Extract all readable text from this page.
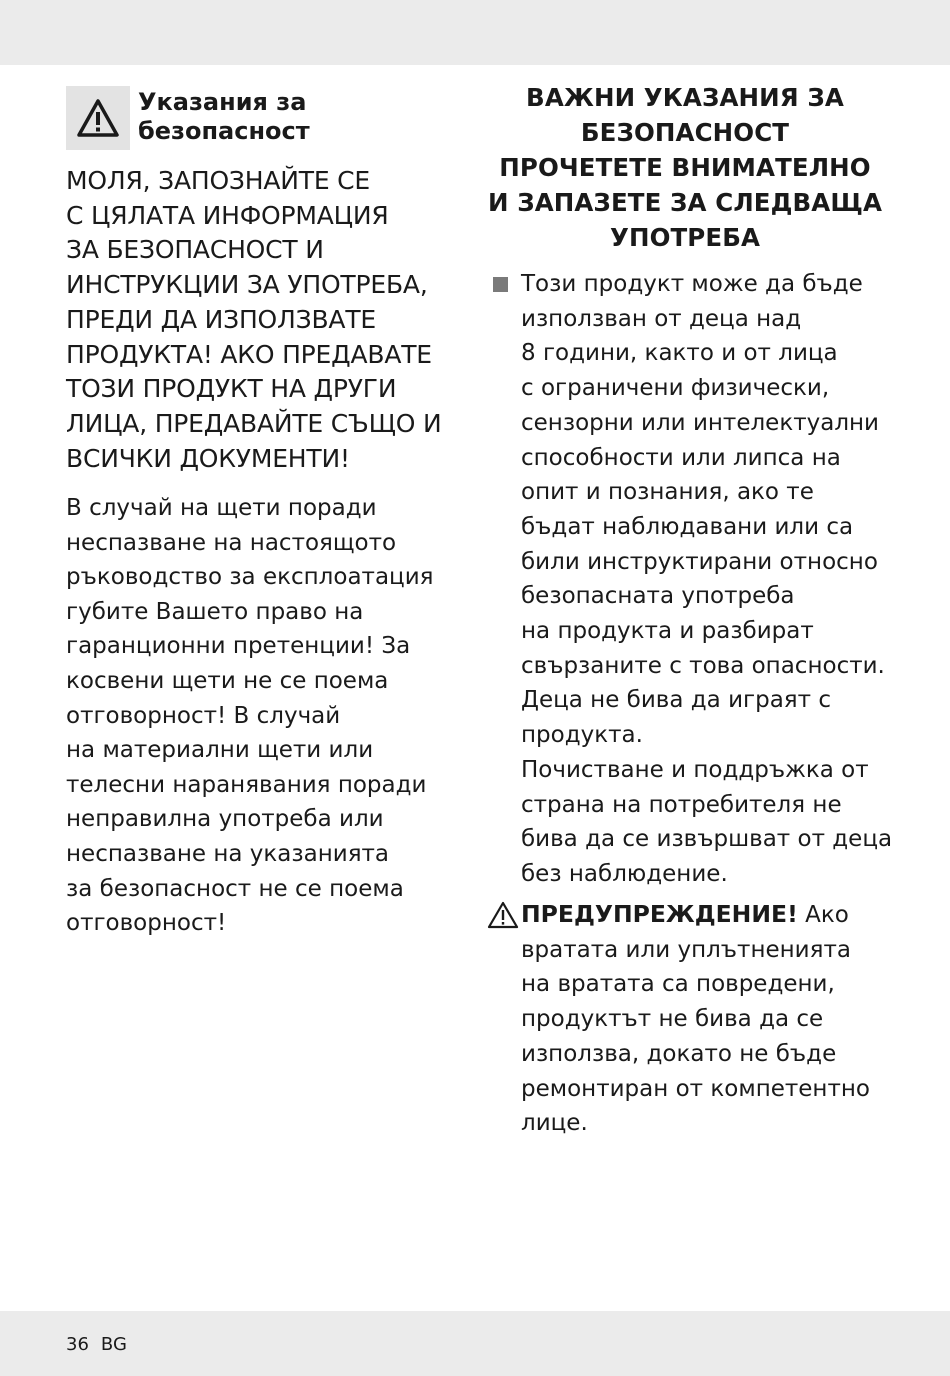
Указания за
безопасност

МОЛЯ, ЗАПОЗНАЙТЕ СЕ
С ЦЯЛАТА ИНФОРМАЦИЯ
ЗА БЕЗОПАСНОСТ И
ИНСТРУКЦИИ ЗА УПОТРЕБА,
ПРЕДИ ДА ИЗПОЛЗВАТЕ
ПРОДУКТА! АКО ПРЕДАВАТЕ
ТОЗИ ПРОДУКТ НА ДРУГИ
ЛИЦА, ПРЕДАВАЙТЕ СЪЩО И
ВСИЧКИ ДОКУМЕНТИ!

В случай на щети поради
неспазване на настоящото
ръководство за експлоатация
губите Вашето право на
гаранционни претенции! За
косвени щети не се поема
отговорност! В случай
на материални щети или
телесни наранявания поради
неправилна употреба или
неспазване на указанията
за безопасност не се поема
отговорност!

ВАЖНИ УКАЗАНИЯ ЗА
БЕЗОПАСНОСТ
ПРОЧЕТЕТЕ ВНИМАТЕЛНО
И ЗАПАЗЕТЕ ЗА СЛЕДВАЩА
УПОТРЕБА

Този продукт може да бъде
използван от деца над
8 години, както и от лица
с ограничени физически,
сензорни или интелектуални
способности или липса на
опит и познания, ако те
бъдат наблюдавани или са
били инструктирани относно
безопасната употреба
на продукта и разбират
свързаните с това опасности.
Деца не бива да играят с
продукта.
Почистване и поддръжка от
страна на потребителя не
бива да се извършват от деца
без наблюдение.

ПРЕДУПРЕЖДЕНИЕ! Ако
вратата или уплътненията
на вратата са повредени,
продуктът не бива да се
използва, докато не бъде
ремонтиран от компетентно
лице.

36 BG
